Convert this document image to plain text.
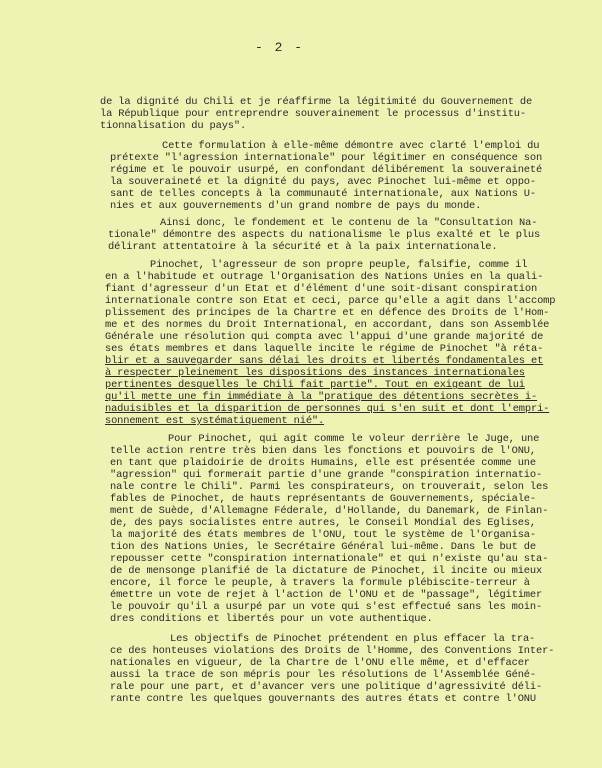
- 2 -
de la dignité du Chili et je réaffirme la légitimité du Gouvernement de
la République pour entreprendre souverainement le processus d'institu-
tionnalisation du pays".
Cette formulation à elle-même démontre avec clarté l'emploi du
prétexte "l'agression internationale" pour légitimer en conséquence son
régime et le pouvoir usurpé, en confondant délibérement la souveraineté
la souveraineté et la dignité du pays, avec Pinochet lui-même et oppo-
sant de telles concepts à la communauté internationale, aux Nations U-
nies et aux gouvernements d'un grand nombre de pays du monde.
Ainsi donc, le fondement et le contenu de la "Consultation Na-
tionale" démontre des aspects du nationalisme le plus exalté et le plus
délirant attentatoire à la sécurité et à la paix internationale.
Pinochet, l'agresseur de son propre peuple, falsifie, comme il
en a l'habitude et outrage l'Organisation des Nations Unies en la quali-
fiant d'agresseur d'un Etat et d'élément d'une soit-disant conspiration
internationale contre son Etat et ceci, parce qu'elle a agit dans l'accomp
plissement des principes de la Chartre et en défence des Droits de l'Hom-
me et des normes du Droit International, en accordant, dans son Assemblée
Générale une résolution qui compta avec l'appui d'une grande majorité de
ses états membres et dans laquelle incite le régime de Pinochet "à réta-
blir et a sauvegarder sans délai les droits et libertés fondamentales et
à respecter pleinement les dispositions des instances internationales
pertinentes desquelles le Chili fait partie". Tout en exigeant de lui
qu'il mette une fin immédiate à la "pratique des détentions secrètes i-
naduisibles et la disparition de personnes qui s'en suit et dont l'empri-
sonnement est systématiquement nié".
Pour Pinochet, qui agit comme le voleur derrière le Juge, une
telle action rentre très bien dans les fonctions et pouvoirs de l'ONU,
en tant que plaidoirie de droits Humains, elle est présentée comme une
"agression" qui formerait partie d'une grande "conspiration internatio-
nale contre le Chili". Parmi les conspirateurs, on trouverait, selon les
fables de Pinochet, de hauts représentants de Gouvernements, spéciale-
ment de Suède, d'Allemagne Féderale, d'Hollande, du Danemark, de Finlan-
de, des pays socialistes entre autres, le Conseil Mondial des Eglises,
la majorité des états membres de l'ONU, tout le système de l'Organisa-
tion des Nations Unies, le Secrétaire Général lui-même. Dans le but de
repousser cette "conspiration internationale" et qui n'existe qu'au sta-
de de mensonge planifié de la dictature de Pinochet, il incite ou mieux
encore, il force le peuple, à travers la formule plébiscite-terreur à
émettre un vote de rejet à l'action de l'ONU et de "passage", légitimer
le pouvoir qu'il a usurpé par un vote qui s'est effectué sans les moin-
dres conditions et libertés pour un vote authentique.
Les objectifs de Pinochet prétendent en plus effacer la tra-
ce des honteuses violations des Droits de l'Homme, des Conventions Inter-
nationales en vigueur, de la Chartre de l'ONU elle même, et d'effacer
aussi la trace de son mépris pour les résolutions de l'Assemblée Géné-
rale pour une part, et d'avancer vers une politique d'agressivité déli-
rante contre les quelques gouvernants des autres états et contre l'ONU
